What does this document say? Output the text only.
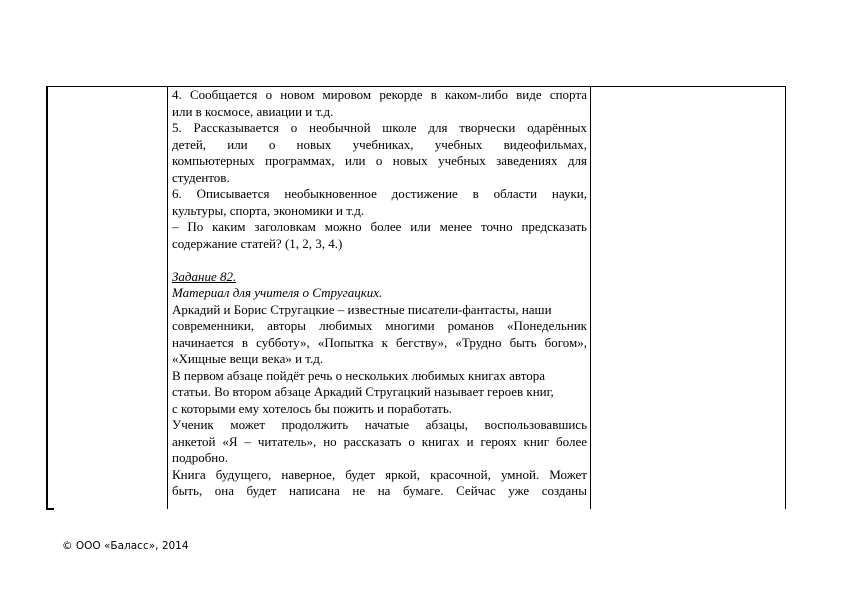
4. Сообщается о новом мировом рекорде в каком-либо виде спорта
или в космосе, авиации и т.д.
5. Рассказывается о необычной школе для творчески одарённых
детей, или о новых учебниках, учебных видеофильмах,
компьютерных программах, или о новых учебных заведениях для
студентов.
6. Описывается необыкновенное достижение в области науки,
культуры, спорта, экономики и т.д.
– По каким заголовкам можно более или менее точно предсказать
содержание статей? (1, 2, 3, 4.)
Задание 82.
Материал для учителя о Стругацких.
Аркадий и Борис Стругацкие – известные писатели-фантасты, наши
современники, авторы любимых многими романов «Понедельник
начинается в субботу», «Попытка к бегству», «Трудно быть богом»,
«Хищные вещи века» и т.д.
В первом абзаце пойдёт речь о нескольких любимых книгах автора
статьи. Во втором абзаце Аркадий Стругацкий называет героев книг,
с которыми ему хотелось бы пожить и поработать.
Ученик может продолжить начатые абзацы, воспользовавшись
анкетой «Я – читатель», но рассказать о книгах и героях книг более
подробно.
Книга будущего, наверное, будет яркой, красочной, умной. Может
быть, она будет написана не на бумаге. Сейчас уже созданы
© ООО «Баласс», 2014
